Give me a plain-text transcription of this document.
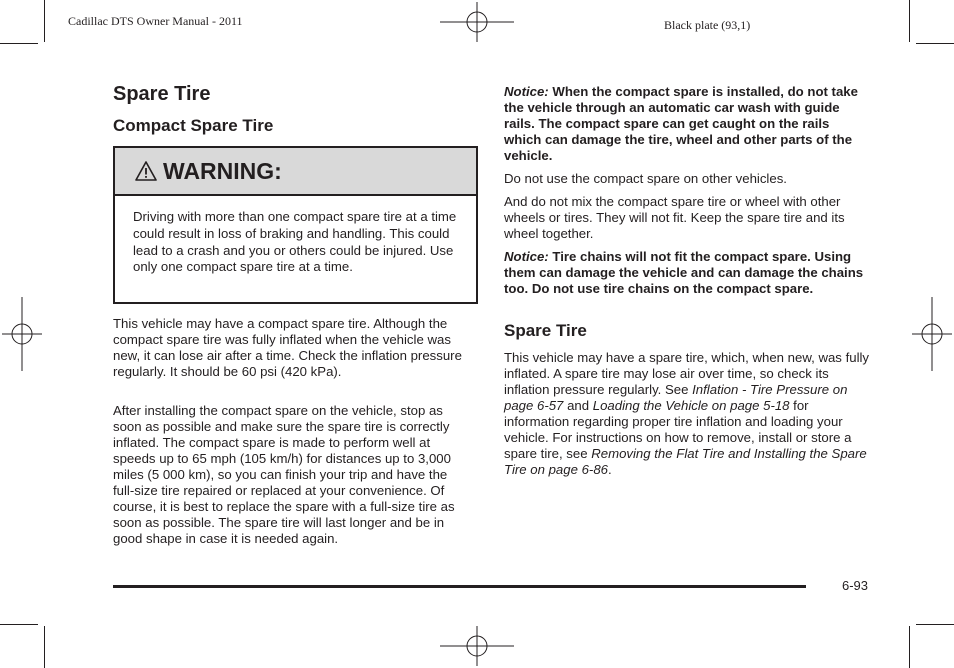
Cadillac DTS Owner Manual - 2011	Black plate (93,1)
Spare Tire
Compact Spare Tire
WARNING:

Driving with more than one compact spare tire at a time could result in loss of braking and handling. This could lead to a crash and you or others could be injured. Use only one compact spare tire at a time.

This vehicle may have a compact spare tire. Although the compact spare tire was fully inflated when the vehicle was new, it can lose air after a time. Check the inflation pressure regularly. It should be 60 psi (420 kPa).

After installing the compact spare on the vehicle, stop as soon as possible and make sure the spare tire is correctly inflated. The compact spare is made to perform well at speeds up to 65 mph (105 km/h) for distances up to 3,000 miles (5 000 km), so you can finish your trip and have the full-size tire repaired or replaced at your convenience. Of course, it is best to replace the spare with a full-size tire as soon as possible. The spare tire will last longer and be in good shape in case it is needed again.

Notice: When the compact spare is installed, do not take the vehicle through an automatic car wash with guide rails. The compact spare can get caught on the rails which can damage the tire, wheel and other parts of the vehicle.

Do not use the compact spare on other vehicles.

And do not mix the compact spare tire or wheel with other wheels or tires. They will not fit. Keep the spare tire and its wheel together.

Notice: Tire chains will not fit the compact spare. Using them can damage the vehicle and can damage the chains too. Do not use tire chains on the compact spare.

Spare Tire

This vehicle may have a spare tire, which, when new, was fully inflated. A spare tire may lose air over time, so check its inflation pressure regularly. See Inflation - Tire Pressure on page 6-57 and Loading the Vehicle on page 5-18 for information regarding proper tire inflation and loading your vehicle. For instructions on how to remove, install or store a spare tire, see Removing the Flat Tire and Installing the Spare Tire on page 6-86.

6-93
